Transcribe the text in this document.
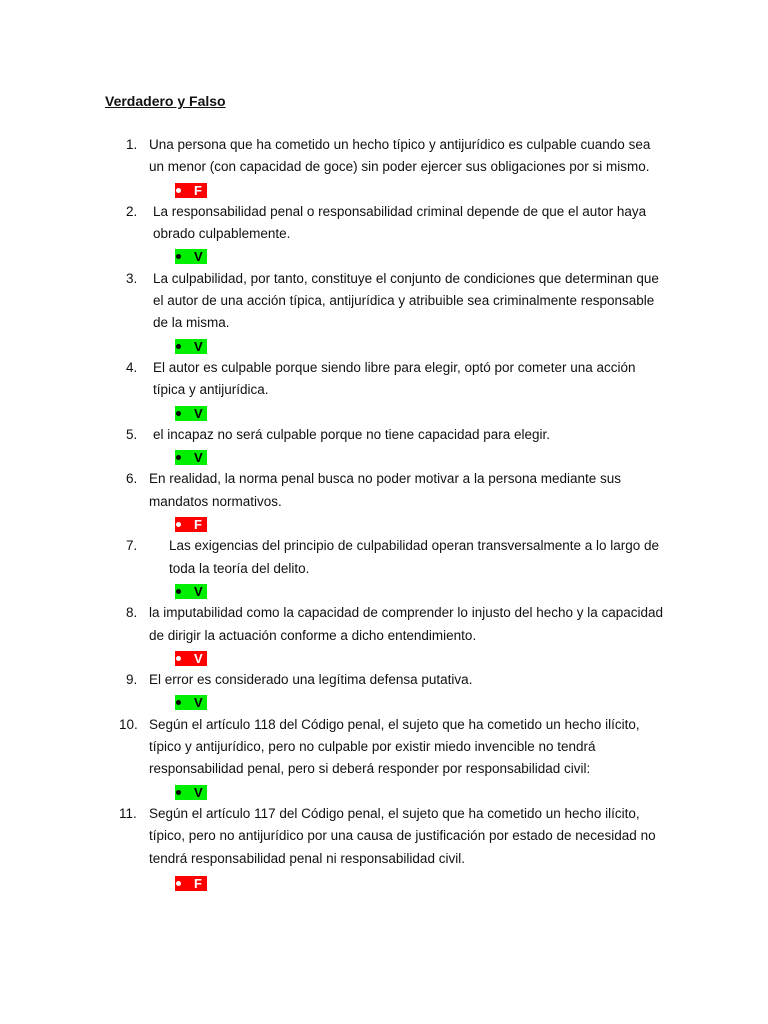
Verdadero y Falso
1. Una persona que ha cometido un hecho típico y antijurídico es culpable cuando sea un menor (con capacidad de goce) sin poder ejercer sus obligaciones por si mismo.
F
2. La responsabilidad penal o responsabilidad criminal depende de que el autor haya obrado culpablemente.
V
3. La culpabilidad, por tanto, constituye el conjunto de condiciones que determinan que el autor de una acción típica, antijurídica y atribuible sea criminalmente responsable de la misma.
V
4. El autor es culpable porque siendo libre para elegir, optó por cometer una acción típica y antijurídica.
V
5. el incapaz no será culpable porque no tiene capacidad para elegir.
V
6. En realidad, la norma penal busca no poder motivar a la persona mediante sus mandatos normativos.
F
7.	Las exigencias del principio de culpabilidad operan transversalmente a lo largo de toda la teoría del delito.
V
8. la imputabilidad como la capacidad de comprender lo injusto del hecho y la capacidad de dirigir la actuación conforme a dicho entendimiento.
V
9. El error es considerado una legítima defensa putativa.
V
10. Según el artículo 118 del Código penal, el sujeto que ha cometido un hecho ilícito, típico y antijurídico, pero no culpable por existir miedo invencible no tendrá responsabilidad penal, pero si deberá responder por responsabilidad civil:
V
11. Según el artículo 117 del Código penal, el sujeto que ha cometido un hecho ilícito, típico, pero no antijurídico por una causa de justificación por estado de necesidad no tendrá responsabilidad penal ni responsabilidad civil.
F
